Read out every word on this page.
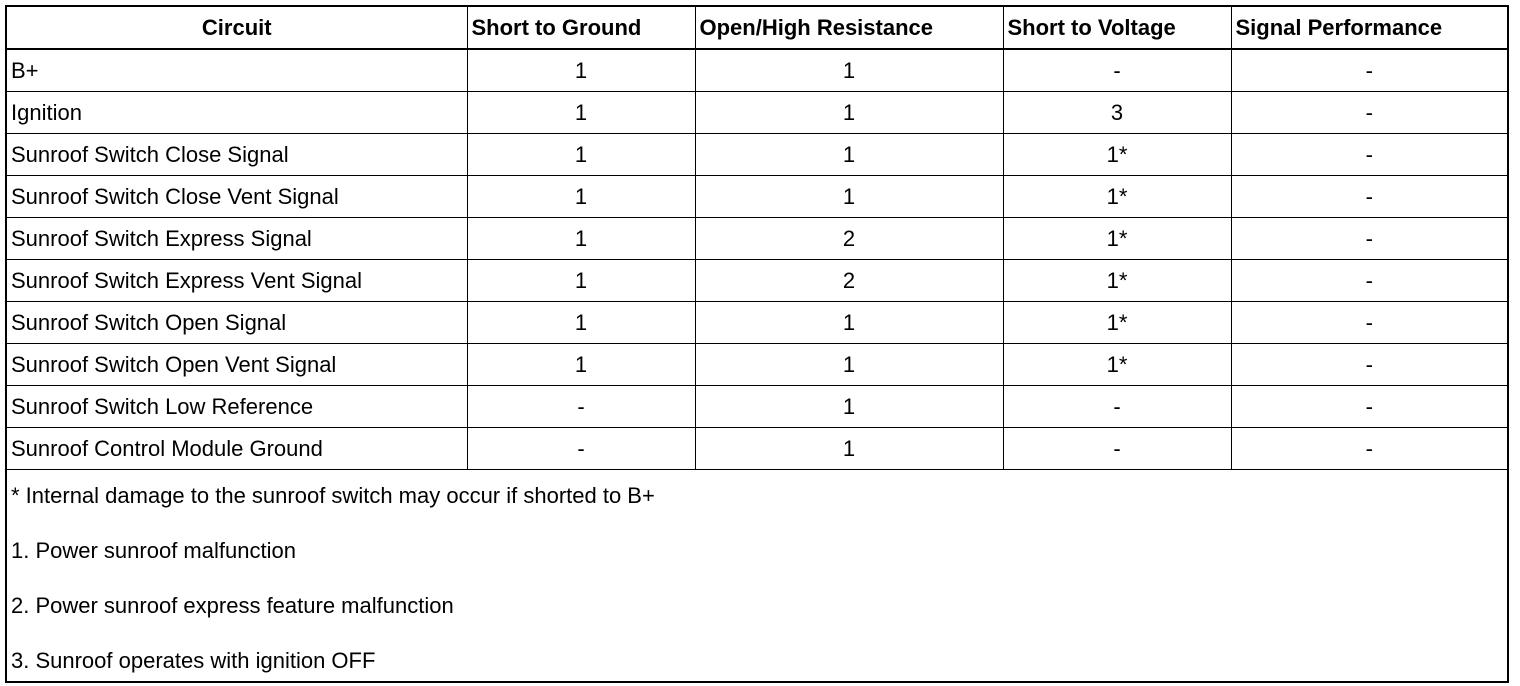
Circuit	Short to Ground	Open/High Resistance	Short to Voltage	Signal Performance
B+	1	1	-	-
Ignition	1	1	3	-
Sunroof Switch Close Signal	1	1	1*	-
Sunroof Switch Close Vent Signal	1	1	1*	-
Sunroof Switch Express Signal	1	2	1*	-
Sunroof Switch Express Vent Signal	1	2	1*	-
Sunroof Switch Open Signal	1	1	1*	-
Sunroof Switch Open Vent Signal	1	1	1*	-
Sunroof Switch Low Reference	-	1	-	-
Sunroof Control Module Ground	-	1	-	-
* Internal damage to the sunroof switch may occur if shorted to B+
1. Power sunroof malfunction
2. Power sunroof express feature malfunction
3. Sunroof operates with ignition OFF
